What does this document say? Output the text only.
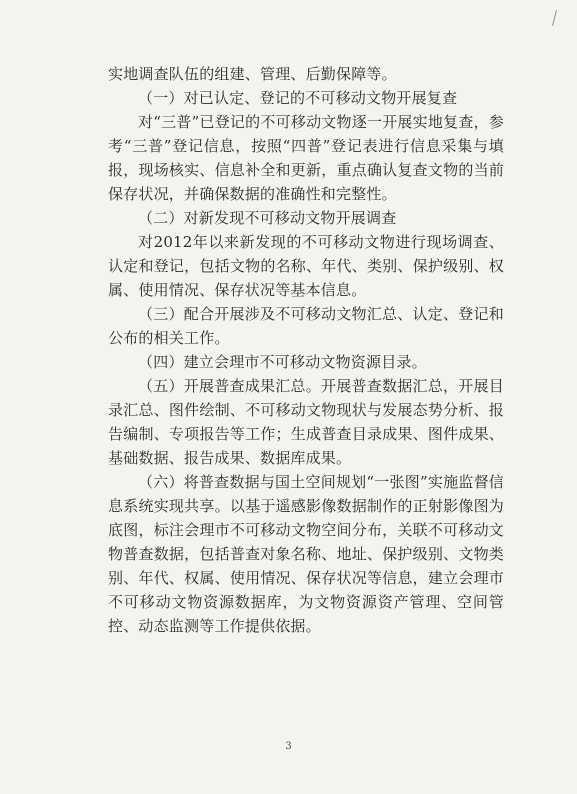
实地调查队伍的组建、管理、后勤保障等。

（一）对已认定、登记的不可移动文物开展复查

对“三普”已登记的不可移动文物逐一开展实地复查，参考“三普”登记信息，按照“四普”登记表进行信息采集与填报，现场核实、信息补全和更新，重点确认复查文物的当前保存状况，并确保数据的准确性和完整性。

（二）对新发现不可移动文物开展调查

对2012年以来新发现的不可移动文物进行现场调查、认定和登记，包括文物的名称、年代、类别、保护级别、权属、使用情况、保存状况等基本信息。

（三）配合开展涉及不可移动文物汇总、认定、登记和公布的相关工作。

（四）建立会理市不可移动文物资源目录。

（五）开展普查成果汇总。开展普查数据汇总，开展目录汇总、图件绘制、不可移动文物现状与发展态势分析、报告编制、专项报告等工作；生成普查目录成果、图件成果、基础数据、报告成果、数据库成果。

（六）将普查数据与国土空间规划“一张图”实施监督信息系统实现共享。以基于遥感影像数据制作的正射影像图为底图，标注会理市不可移动文物空间分布，关联不可移动文物普查数据，包括普查对象名称、地址、保护级别、文物类别、年代、权属、使用情况、保存状况等信息，建立会理市不可移动文物资源数据库，为文物资源资产管理、空间管控、动态监测等工作提供依据。

3
